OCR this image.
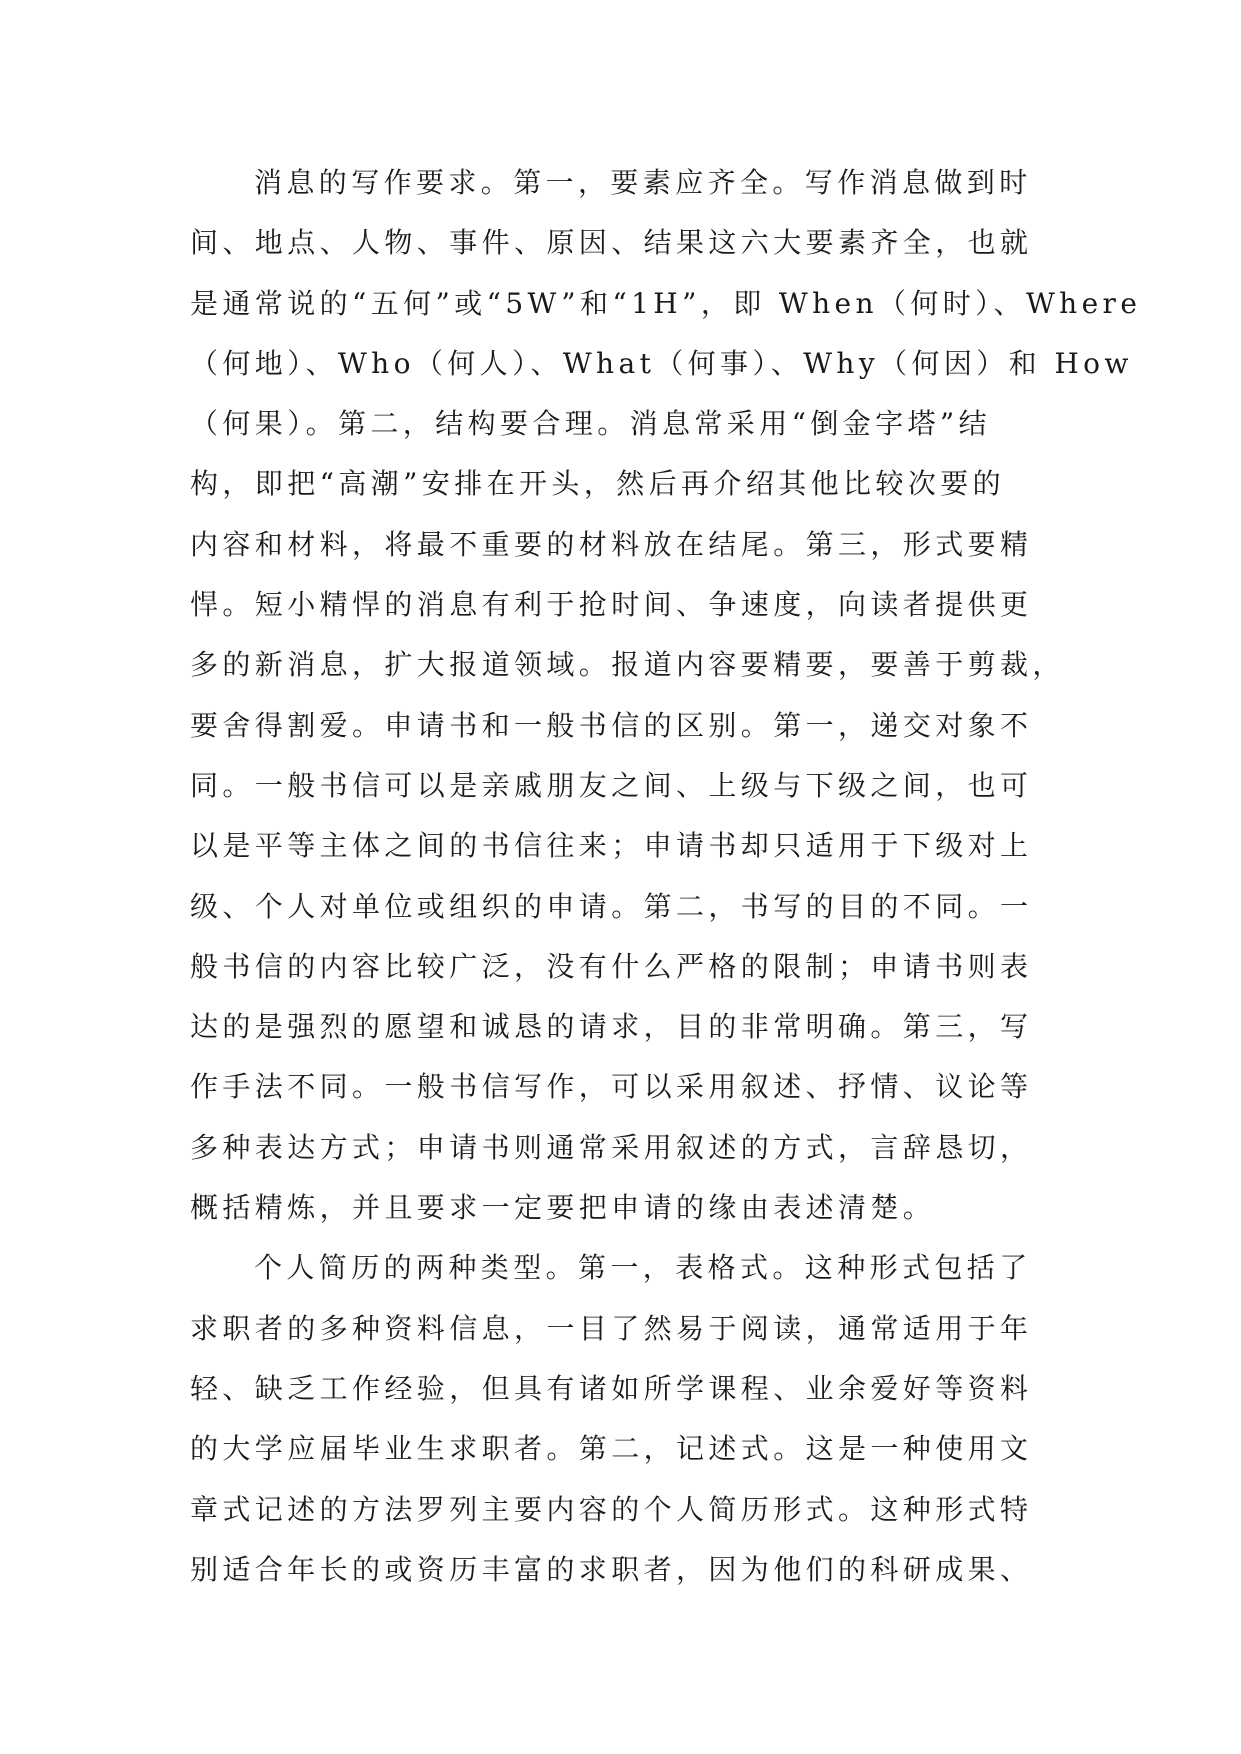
消息的写作要求。第一，要素应齐全。写作消息做到时
间、地点、人物、事件、原因、结果这六大要素齐全，也就
是通常说的“五何”或“5W”和“1H”，即 When（何时）、Where
（何地）、Who（何人）、What（何事）、Why（何因）和 How
（何果）。第二，结构要合理。消息常采用“倒金字塔”结
构，即把“高潮”安排在开头，然后再介绍其他比较次要的
内容和材料，将最不重要的材料放在结尾。第三，形式要精
悍。短小精悍的消息有利于抢时间、争速度，向读者提供更
多的新消息，扩大报道领域。报道内容要精要，要善于剪裁，
要舍得割爱。申请书和一般书信的区别。第一，递交对象不
同。一般书信可以是亲戚朋友之间、上级与下级之间，也可
以是平等主体之间的书信往来；申请书却只适用于下级对上
级、个人对单位或组织的申请。第二，书写的目的不同。一
般书信的内容比较广泛，没有什么严格的限制；申请书则表
达的是强烈的愿望和诚恳的请求，目的非常明确。第三，写
作手法不同。一般书信写作，可以采用叙述、抒情、议论等
多种表达方式；申请书则通常采用叙述的方式，言辞恳切，
概括精炼，并且要求一定要把申请的缘由表述清楚。
个人简历的两种类型。第一，表格式。这种形式包括了
求职者的多种资料信息，一目了然易于阅读，通常适用于年
轻、缺乏工作经验，但具有诸如所学课程、业余爱好等资料
的大学应届毕业生求职者。第二，记述式。这是一种使用文
章式记述的方法罗列主要内容的个人简历形式。这种形式特
别适合年长的或资历丰富的求职者，因为他们的科研成果、
